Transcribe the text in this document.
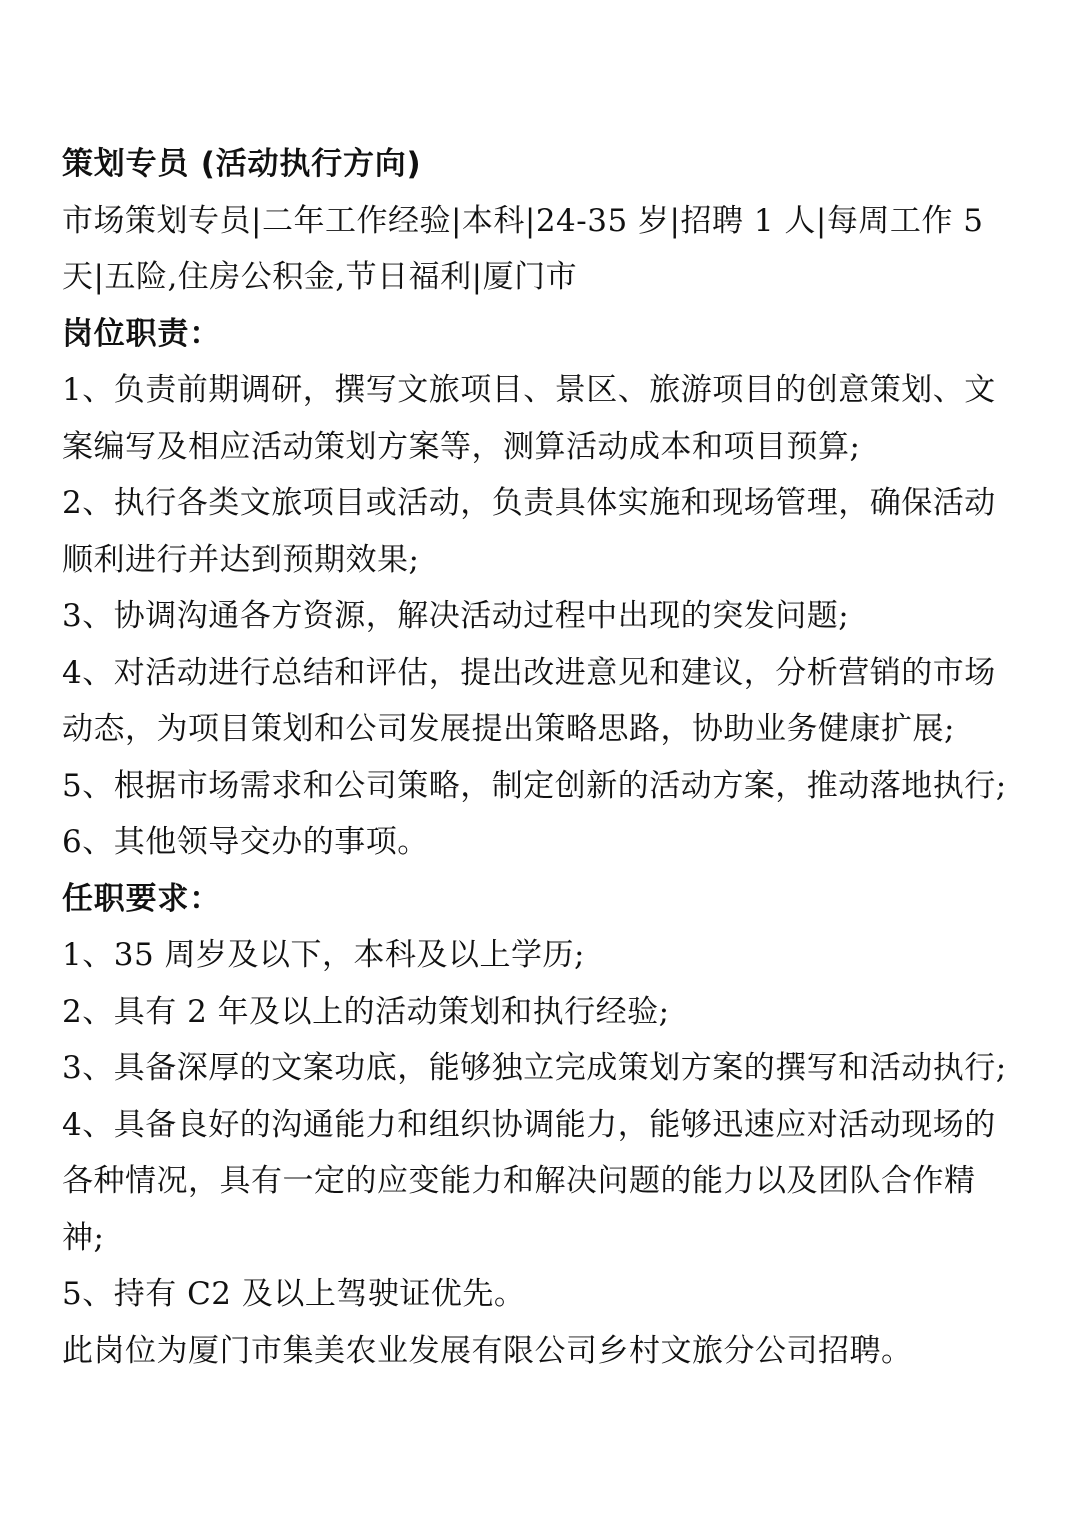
策划专员 (活动执行方向)
市场策划专员|二年工作经验|本科|24-35 岁|招聘 1 人|每周工作 5
天|五险,住房公积金,节日福利|厦门市
岗位职责：
1、负责前期调研，撰写文旅项目、景区、旅游项目的创意策划、文
案编写及相应活动策划方案等，测算活动成本和项目预算;
2、执行各类文旅项目或活动，负责具体实施和现场管理，确保活动
顺利进行并达到预期效果;
3、协调沟通各方资源，解决活动过程中出现的突发问题;
4、对活动进行总结和评估，提出改进意见和建议，分析营销的市场
动态，为项目策划和公司发展提出策略思路，协助业务健康扩展;
5、根据市场需求和公司策略，制定创新的活动方案，推动落地执行;
6、其他领导交办的事项。
任职要求：
1、35 周岁及以下，本科及以上学历;
2、具有 2 年及以上的活动策划和执行经验;
3、具备深厚的文案功底，能够独立完成策划方案的撰写和活动执行;
4、具备良好的沟通能力和组织协调能力，能够迅速应对活动现场的
各种情况，具有一定的应变能力和解决问题的能力以及团队合作精
神;
5、持有 C2 及以上驾驶证优先。
此岗位为厦门市集美农业发展有限公司乡村文旅分公司招聘。
